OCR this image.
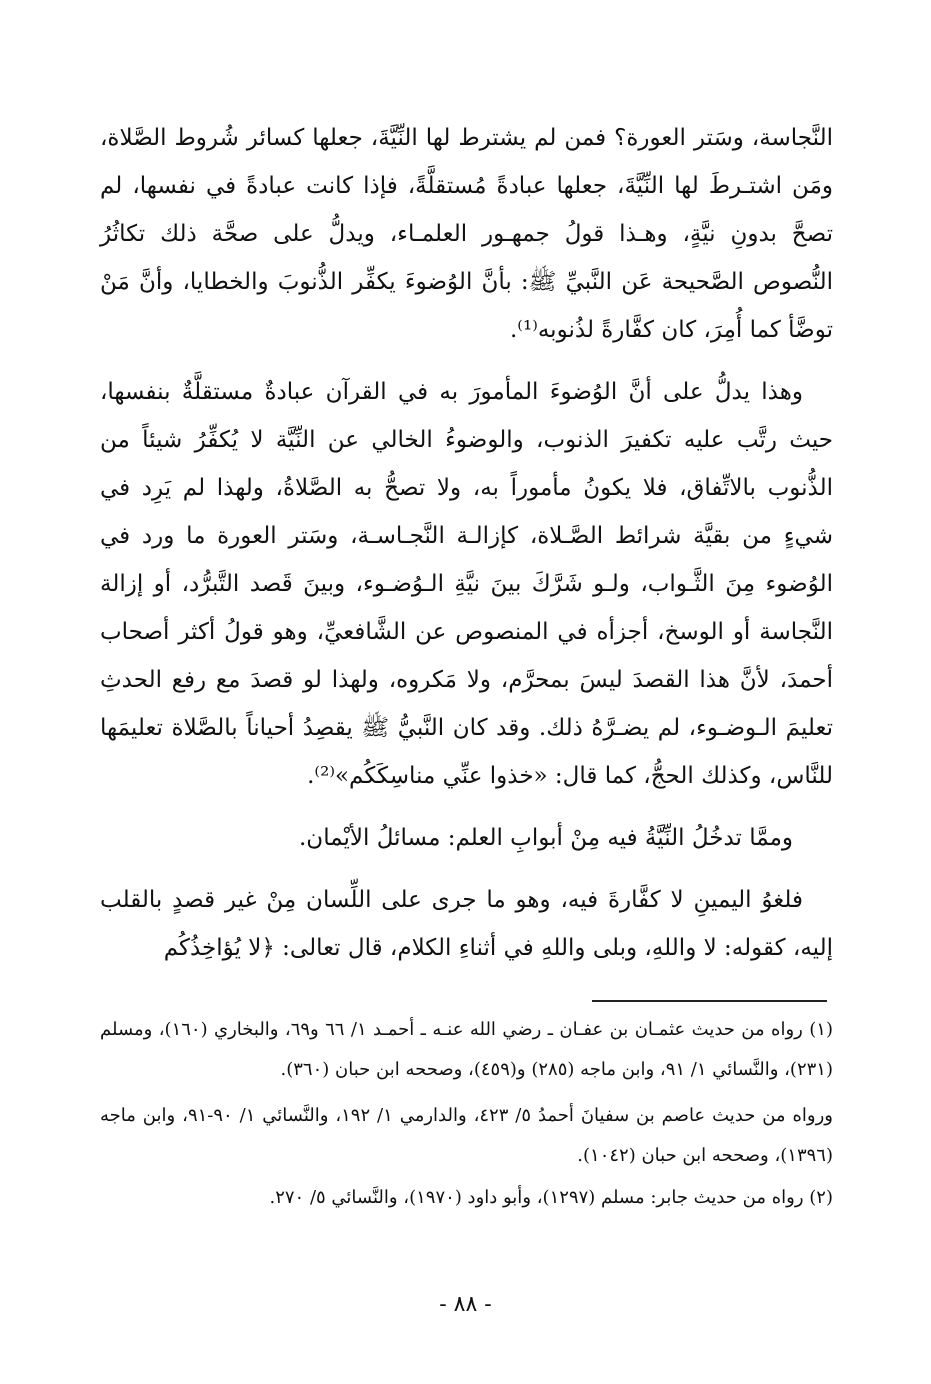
النَّجاسة، وسَتر العورة؟ فمن لم يشترط لها النِّيَّةَ، جعلها كسائر شُروط الصَّلاة، ومَن اشتـرطَ لها النِّيَّةَ، جعلها عبادةً مُستقلَّةً، فإذا كانت عبادةً في نفسها، لم تصحَّ بدونِ نيَّةٍ، وهـذا قولُ جمهـور العلمـاء، ويدلُّ على صحَّة ذلك تكاثُرُ النُّصوص الصَّحيحة عَن النَّبيِّ ﷺ: بأنَّ الوُضوءَ يكفِّر الذُّنوبَ والخطايا، وأنَّ مَنْ توضَّأ كما أُمِرَ، كان كفَّارةً لذُنوبه⁽¹⁾.

وهذا يدلُّ على أنَّ الوُضوءَ المأمورَ به في القرآن عبادةٌ مستقلَّةٌ بنفسها، حيث رتَّب عليه تكفيرَ الذنوب، والوضوءُ الخالي عن النِّيَّة لا يُكفِّرُ شيئاً من الذُّنوب بالاتِّفاق، فلا يكونُ مأموراً به، ولا تصحُّ به الصَّلاةُ، ولهذا لم يَرِد في شيءٍ من بقيَّة شرائط الصَّـلاة، كإزالـة النَّجـاسـة، وسَتر العورة ما ورد في الوُضوء مِنَ الثَّـواب، ولـو شَرَّكَ بينَ نيَّةِ الـوُضـوء، وبينَ قَصد التَّبرُّد، أو إزالة النَّجاسة أو الوسخ، أجزأه في المنصوص عن الشَّافعيِّ، وهو قولُ أكثر أصحاب أحمدَ، لأنَّ هذا القصدَ ليسَ بمحرَّم، ولا مَكروه، ولهذا لو قصدَ مع رفع الحدثِ تعليمَ الـوضـوء، لم يضـرَّهُ ذلك. وقد كان النَّبيُّ ﷺ يقصِدُ أحياناً بالصَّلاة تعليمَها للنَّاس، وكذلك الحجُّ، كما قال: «خذوا عنِّي مناسِكَكُم»⁽²⁾.

وممَّا تدخُلُ النِّيَّةُ فيه مِنْ أبوابِ العلم: مسائلُ الأيْمان.

فلغوُ اليمينِ لا كفَّارةَ فيه، وهو ما جرى على اللِّسان مِنْ غير قصدٍ بالقلب إليه، كقوله: لا واللهِ، وبلى واللهِ في أثناءِ الكلام، قال تعالى: ﴿لا يُؤاخِذُكُم

(١) رواه من حديث عثمـان بن عفـان ـ رضي الله عنـه ـ أحمـد ١/ ٦٦ و٦٩، والبخاري (١٦٠)، ومسلم (٢٣١)، والنَّسائي ١/ ٩١، وابن ماجه (٢٨٥) و(٤٥٩)، وصححه ابن حبان (٣٦٠).

ورواه من حديث عاصم بن سفيانَ أحمدُ ٥/ ٤٢٣، والدارمي ١/ ١٩٢، والنَّسائي ١/ ٩٠-٩١، وابن ماجه (١٣٩٦)، وصححه ابن حبان (١٠٤٢).

(٢) رواه من حديث جابر: مسلم (١٢٩٧)، وأبو داود (١٩٧٠)، والنَّسائي ٥/ ٢٧٠.

- ٨٨ -
